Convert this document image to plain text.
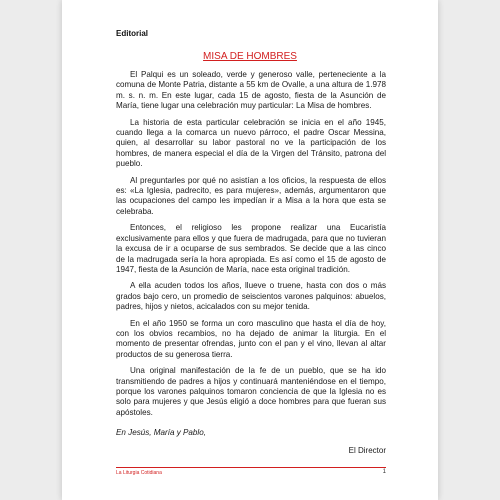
Editorial
MISA DE HOMBRES

El Palqui es un soleado, verde y generoso valle, perteneciente a la comuna de Monte Patria, distante a 55 km de Ovalle, a una altura de 1.978 m. s. n. m. En este lugar, cada 15 de agosto, fiesta de la Asunción de María, tiene lugar una celebración muy particular: La Misa de hombres.

La historia de esta particular celebración se inicia en el año 1945, cuando llega a la comarca un nuevo párroco, el padre Oscar Messina, quien, al desarrollar su labor pastoral no ve la participación de los hombres, de manera especial el día de la Virgen del Tránsito, patrona del pueblo.

Al preguntarles por qué no asistían a los oficios, la respuesta de ellos es: «La Iglesia, padrecito, es para mujeres», además, argumentaron que las ocupaciones del campo les impedían ir a Misa a la hora que esta se celebraba.

Entonces, el religioso les propone realizar una Eucaristía exclusivamente para ellos y que fuera de madrugada, para que no tuvieran la excusa de ir a ocuparse de sus sembrados. Se decide que a las cinco de la madrugada sería la hora apropiada. Es así como el 15 de agosto de 1947, fiesta de la Asunción de María, nace esta original tradición.

A ella acuden todos los años, llueve o truene, hasta con dos o más grados bajo cero, un promedio de seiscientos varones palquinos: abuelos, padres, hijos y nietos, acicalados con su mejor tenida.

En el año 1950 se forma un coro masculino que hasta el día de hoy, con los obvios recambios, no ha dejado de animar la liturgia. En el momento de presentar ofrendas, junto con el pan y el vino, llevan al altar productos de su generosa tierra.

Una original manifestación de la fe de un pueblo, que se ha ido transmitiendo de padres a hijos y continuará manteniéndose en el tiempo, porque los varones palquinos tomaron conciencia de que la Iglesia no es solo para mujeres y que Jesús eligió a doce hombres para que fueran sus apóstoles.

En Jesús, María y Pablo,

El Director
La Liturgia Cotidiana	1
